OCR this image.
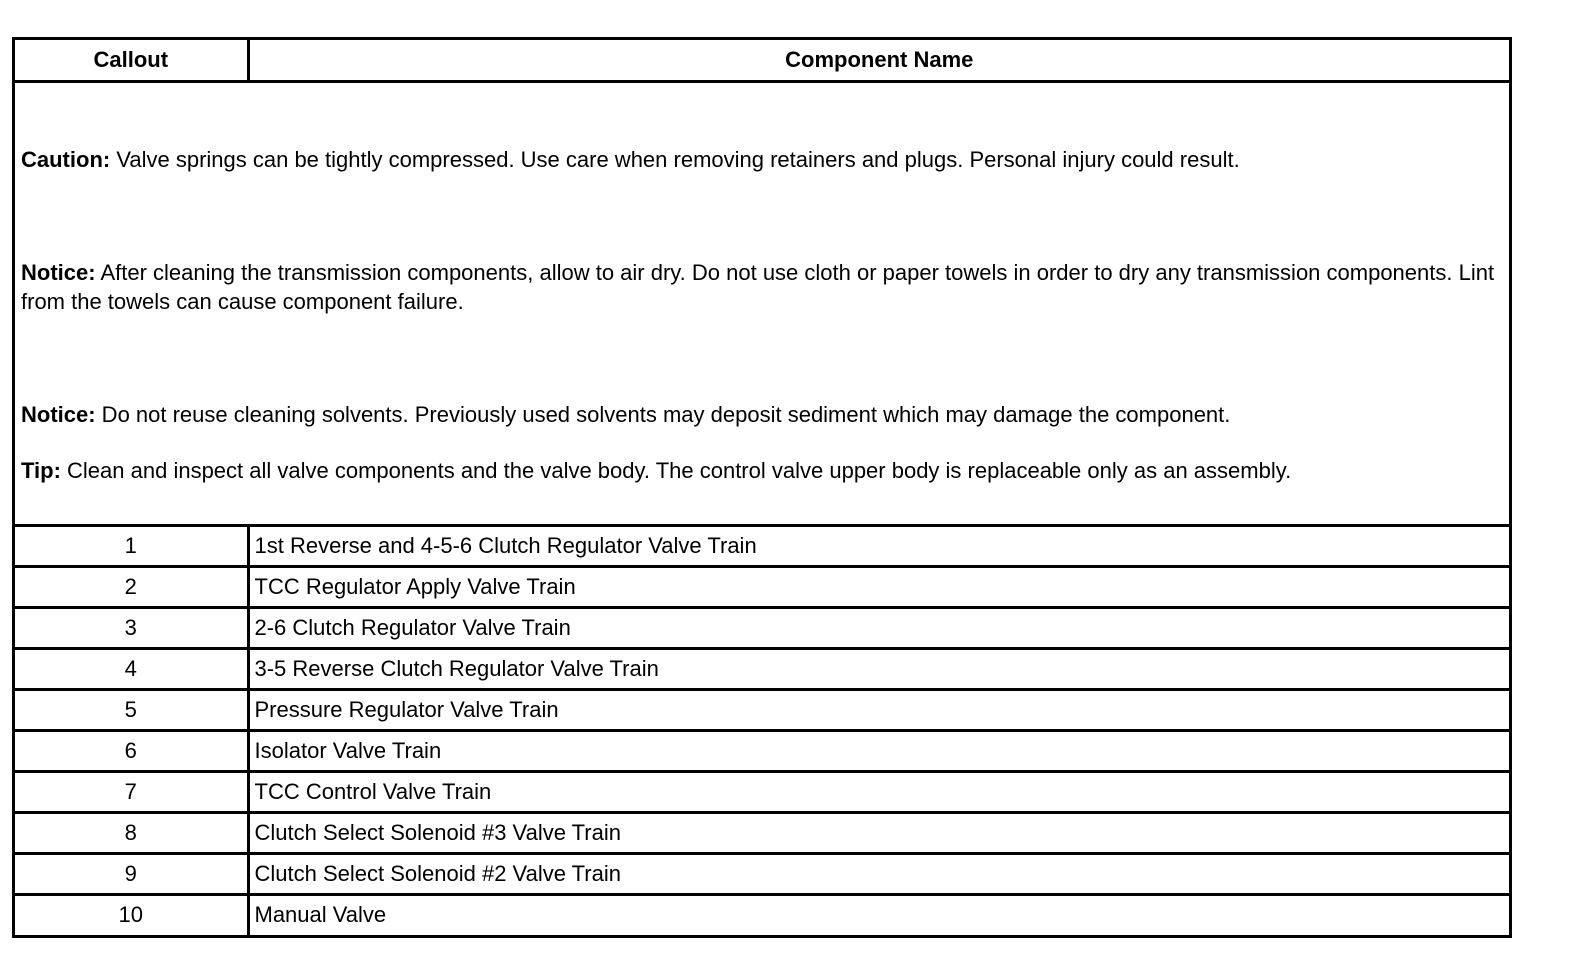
Callout	Component Name

Caution: Valve springs can be tightly compressed. Use care when removing retainers and plugs. Personal injury could result.

Notice: After cleaning the transmission components, allow to air dry. Do not use cloth or paper towels in order to dry any transmission components. Lint from the towels can cause component failure.

Notice: Do not reuse cleaning solvents. Previously used solvents may deposit sediment which may damage the component.

Tip: Clean and inspect all valve components and the valve body. The control valve upper body is replaceable only as an assembly.	

1	1st Reverse and 4-5-6 Clutch Regulator Valve Train
2	TCC Regulator Apply Valve Train
3	2-6 Clutch Regulator Valve Train
4	3-5 Reverse Clutch Regulator Valve Train
5	Pressure Regulator Valve Train
6	Isolator Valve Train
7	TCC Control Valve Train
8	Clutch Select Solenoid #3 Valve Train
9	Clutch Select Solenoid #2 Valve Train
10	Manual Valve
